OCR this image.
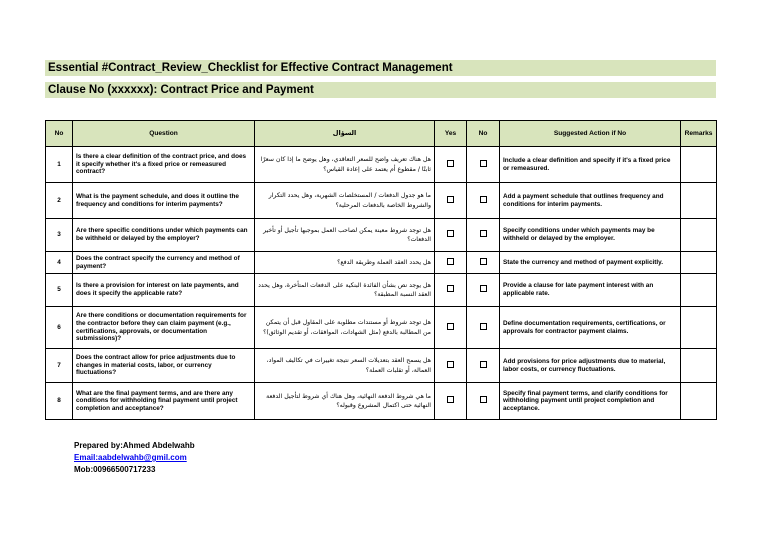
Essential #Contract_Review_Checklist for Effective Contract Management
Clause No (xxxxxx): Contract Price and Payment
No	Question	السؤال	Yes	No	Suggested Action if No	Remarks
1	Is there a clear definition of the contract price, and does it specify whether it's a fixed price or remeasured contract?	هل هناك تعريف واضح للسعر التعاقدي، وهل يوضح ما إذا كان سعرًا ثابتًا / مقطوع أم يعتمد على إعادة القياس؟			Include a clear definition and specify if it's a fixed price or remeasured.	
2	What is the payment schedule, and does it outline the frequency and conditions for interim payments?	ما هو جدول الدفعات / المستخلصات الشهرية، وهل يحدد التكرار والشروط الخاصة بالدفعات المرحلية؟			Add a payment schedule that outlines frequency and conditions for interim payments.	
3	Are there specific conditions under which payments can be withheld or delayed by the employer?	هل توجد شروط معينة يمكن لصاحب العمل بموجبها تأجيل أو تأخير الدفعات؟			Specify conditions under which payments may be withheld or delayed by the employer.	
4	Does the contract specify the currency and method of payment?	هل يحدد العقد العملة وطريقة الدفع؟			State the currency and method of payment explicitly.	
5	Is there a provision for interest on late payments, and does it specify the applicable rate?	هل يوجد نص بشأن الفائدة البنكية على الدفعات المتأخرة، وهل يحدد العقد النسبة المطبقة؟			Provide a clause for late payment interest with an applicable rate.	
6	Are there conditions or documentation requirements for the contractor before they can claim payment (e.g., certifications, approvals, or documentation submissions)?	هل توجد شروط أو مستندات مطلوبة على المقاول قبل أن يتمكن من المطالبة بالدفع (مثل الشهادات، الموافقات، أو تقديم الوثائق)؟			Define documentation requirements, certifications, or approvals for contractor payment claims.	
7	Does the contract allow for price adjustments due to changes in material costs, labor, or currency fluctuations?	هل يسمح العقد بتعديلات السعر نتيجة تغييرات في تكاليف المواد، العمالة، أو تقلبات العملة؟			Add provisions for price adjustments due to material, labor costs, or currency fluctuations.	
8	What are the final payment terms, and are there any conditions for withholding final payment until project completion and acceptance?	ما هي شروط الدفعة النهائية، وهل هناك أي شروط لتأجيل الدفعة النهائية حتى اكتمال المشروع وقبوله؟			Specify final payment terms, and clarify conditions for withholding payment until project completion and acceptance.	
Prepared by:Ahmed Abdelwahb
Email:aabdelwahb@gmil.com
Mob:00966500717233
